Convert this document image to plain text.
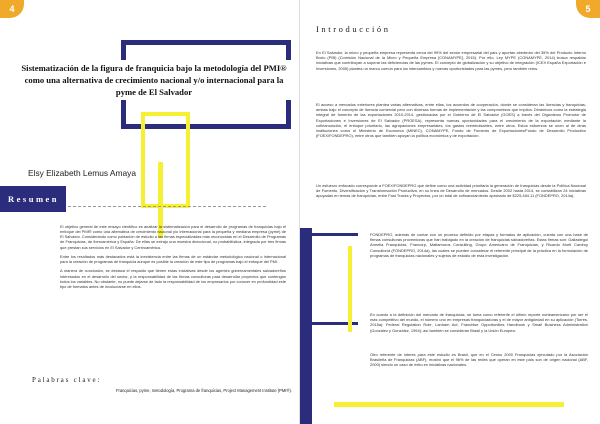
4
Sistematización de la figura de franquicia bajo la metodología del PMI® como una alternativa de crecimiento nacional y/o internacional para la pyme de El Salvador
Elsy Elizabeth Lemus Amaya
Resumen

El objetivo general de este ensayo científico es analizar la sistematización para el desarrollo de programas de franquicias bajo el enfoque del PMI® como una alternativa de crecimiento nacional y/o internacional para la pequeña y mediana empresa (pyme) de El Salvador. Considerando como población de estudio a las firmas especializadas más reconocidas en el Desarrollo de Programas de Franquicias, de Iberoamérica y España. De ellas se extrajo una muestra direccional, no probabilística, integrada por tres firmas que prestan sus servicios en El Salvador y Centroamérica.

Entre los resultados más destacados está la inexistencia entre las firmas de un estándar metodológico nacional o internacional para la creación de programas de franquicia aunque es posible la creación de este tipo de programas bajo el enfoque del PMI.

A manera de conclusión, se destaca el respaldo que tienen estas iniciativas desde los agentes gubernamentales salvadoreños interesados en el desarrollo del sector, y la responsabilidad de las firmas consultoras para desarrollar proyectos que contengan todos los variables. No obstante, no puede dejarse de lado la responsabilidad de los empresarios por conocer en profundidad este tipo de formatos antes de involucrarse en ellos.

Palabras clave:
Franquicias, pyme, metodología, Programa de franquicias, Project Management Institute (PMI®).
5
Introducción
En El Salvador, la micro y pequeña empresa representa cerca del 99% del sector empresarial del país y aportan alrededor del 35% del Producto Interno Bruto (PIB) (Comisión Nacional de la Micro y Pequeña Empresa [CONAMYPE], 2015). Por ello, Ley MYPE (CONAMYPE, 2014) busca respaldar iniciativas que contribuyan a superar las deficiencias de las pymes. El concepto de globalización y su objetivo de integración (ICEX España Exportación e Inversiones, 2005) plantea un marco común para los intercambios y nuevas oportunidades para las pymes, pero también retos.
El acceso a mercados exteriores plantea varias alternativas, entre ellas, los acuerdos de cooperación, donde se consideran las licencias y franquicias; ambas bajo el concepto de licencia comercial pero con diversas formas de implementación y las compromisos que implica. Dinámicos como la estrategia integral de fomento de las exportaciones 2010-2014, gestionadas por el Gobierno de El Salvador (GOES) a través del Organismo Promotor de Exportaciones e Inversiones de El Salvador (PROESA), representa nuevas oportunidades para el crecimiento de la exportación mediante la cofinanciación, el enfoque prioritario, las agrupaciones empresariales, los gastos reembolsables, entre otros. Estos esfuerzos se unen al de otras instituciones como el Ministerio de Economía (MINEC), CONAMYPE, Fondo de Fomento de Exportaciones/Fondo de Desarrollo Productivo (FOEX/FONDEPRO), entre otros que también apoyan la política económica y de exportación.
Un esfuerzo enfocado corresponde a FOEX/FONDEPRO que define como una actividad prioritaria la generación de franquicias desde la Política Nacional de Fomento, Diversificación y Transformación Productiva, en su línea de Desarrollo de mercados. Desde 2002 hasta 2014, se contabilizan 24 iniciativas apoyadas en temas de franquicias, entre Fast Tracks y Proyectos, por un total de cofinanciamiento aprobado de $225,484.11 (FONDEPRO, 2014a).
FONDEPRO, además de contar con un proceso definido por etapas y formatos de aplicación, cuenta con una base de firmas consultoras proveedoras que han trabajado en la creación de franquicias salvadoreñas. Estas firmas son: Gallastegui Armella Franquicias, Francorp, Mattamoros Consulting, Grupo Americano de Franquicias, y Ricardo Morti Cardroy Consultoría (FONDEPRO, 2014a), las cuales se pueden considerar el referente principal de la práctica en la formulación de programas de franquicias nacionales y sujetos de estudio de esta investigación.
En cuanto a la definición del mercado de franquicias, se toma como referente el último reporte norteamericano por ser el más competitivo del mundo, el número uno en empresas franquiciadoras y el de mayor antigüedad en su aplicación (Torres, 2015a): Federal Regulation Rule, Lanham Act, Franchise Opportunities Handbook y Small Business Administration (González y González, 1994); así también se consideran Brasil y la Unión Europea.
Otro referente de interés para este estudio es Brasil, que en el Censo 2000 Franquicias ejecutado por la Asociación Brasileña de Franquicias (ABF), mostró que el 96% de las redes que operan en este país son de origen nacional (ABF, 2000) siendo un caso de éxito en iniciativas nacionales.
